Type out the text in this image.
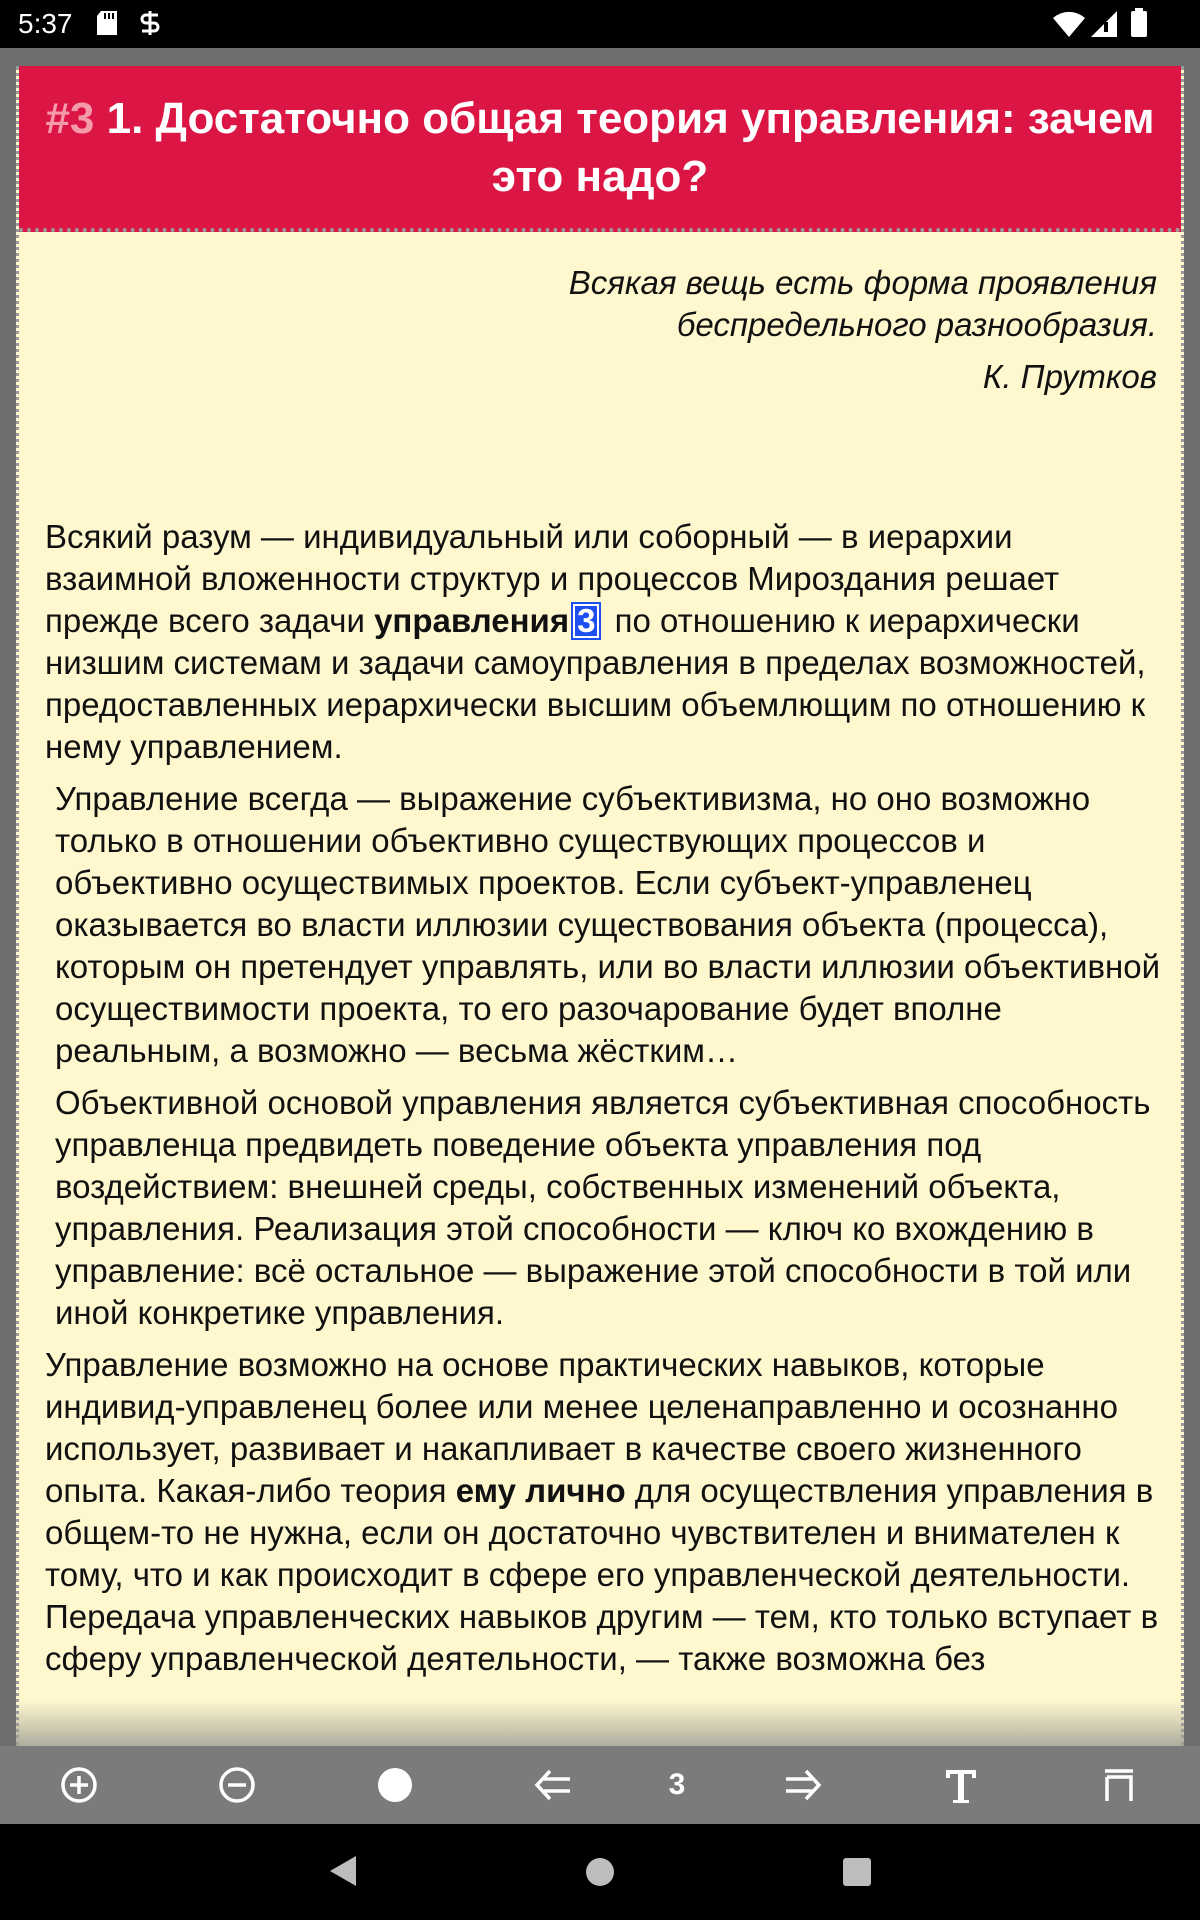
5:37
#3 1. Достаточно общая теория управления: зачем это надо?
Всякая вещь есть форма проявления
беспредельного разнообразия.
К. Прутков

Всякий разум — индивидуальный или соборный — в иерархии взаимной вложенности структур и процессов Мироздания решает прежде всего задачи управления 3 по отношению к иерархически низшим системам и задачи самоуправления в пределах возможностей, предоставленных иерархически высшим объемлющим по отношению к нему управлением.

Управление всегда — выражение субъективизма, но оно возможно только в отношении объективно существующих процессов и объективно осуществимых проектов. Если субъект-управленец оказывается во власти иллюзии существования объекта (процесса), которым он претендует управлять, или во власти иллюзии объективной осуществимости проекта, то его разочарование будет вполне реальным, а возможно — весьма жёстким…

Объективной основой управления является субъективная способность управленца предвидеть поведение объекта управления под воздействием: внешней среды, собственных изменений объекта, управления. Реализация этой способности — ключ ко вхождению в управление: всё остальное — выражение этой способности в той или иной конкретике управления.

Управление возможно на основе практических навыков, которые индивид-управленец более или менее целенаправленно и осознанно использует, развивает и накапливает в качестве своего жизненного опыта. Какая-либо теория ему лично для осуществления управления в общем-то не нужна, если он достаточно чувствителен и внимателен к тому, что и как происходит в сфере его управленческой деятельности. Передача управленческих навыков другим — тем, кто только вступает в сферу управленческой деятельности, — также возможна без

3
